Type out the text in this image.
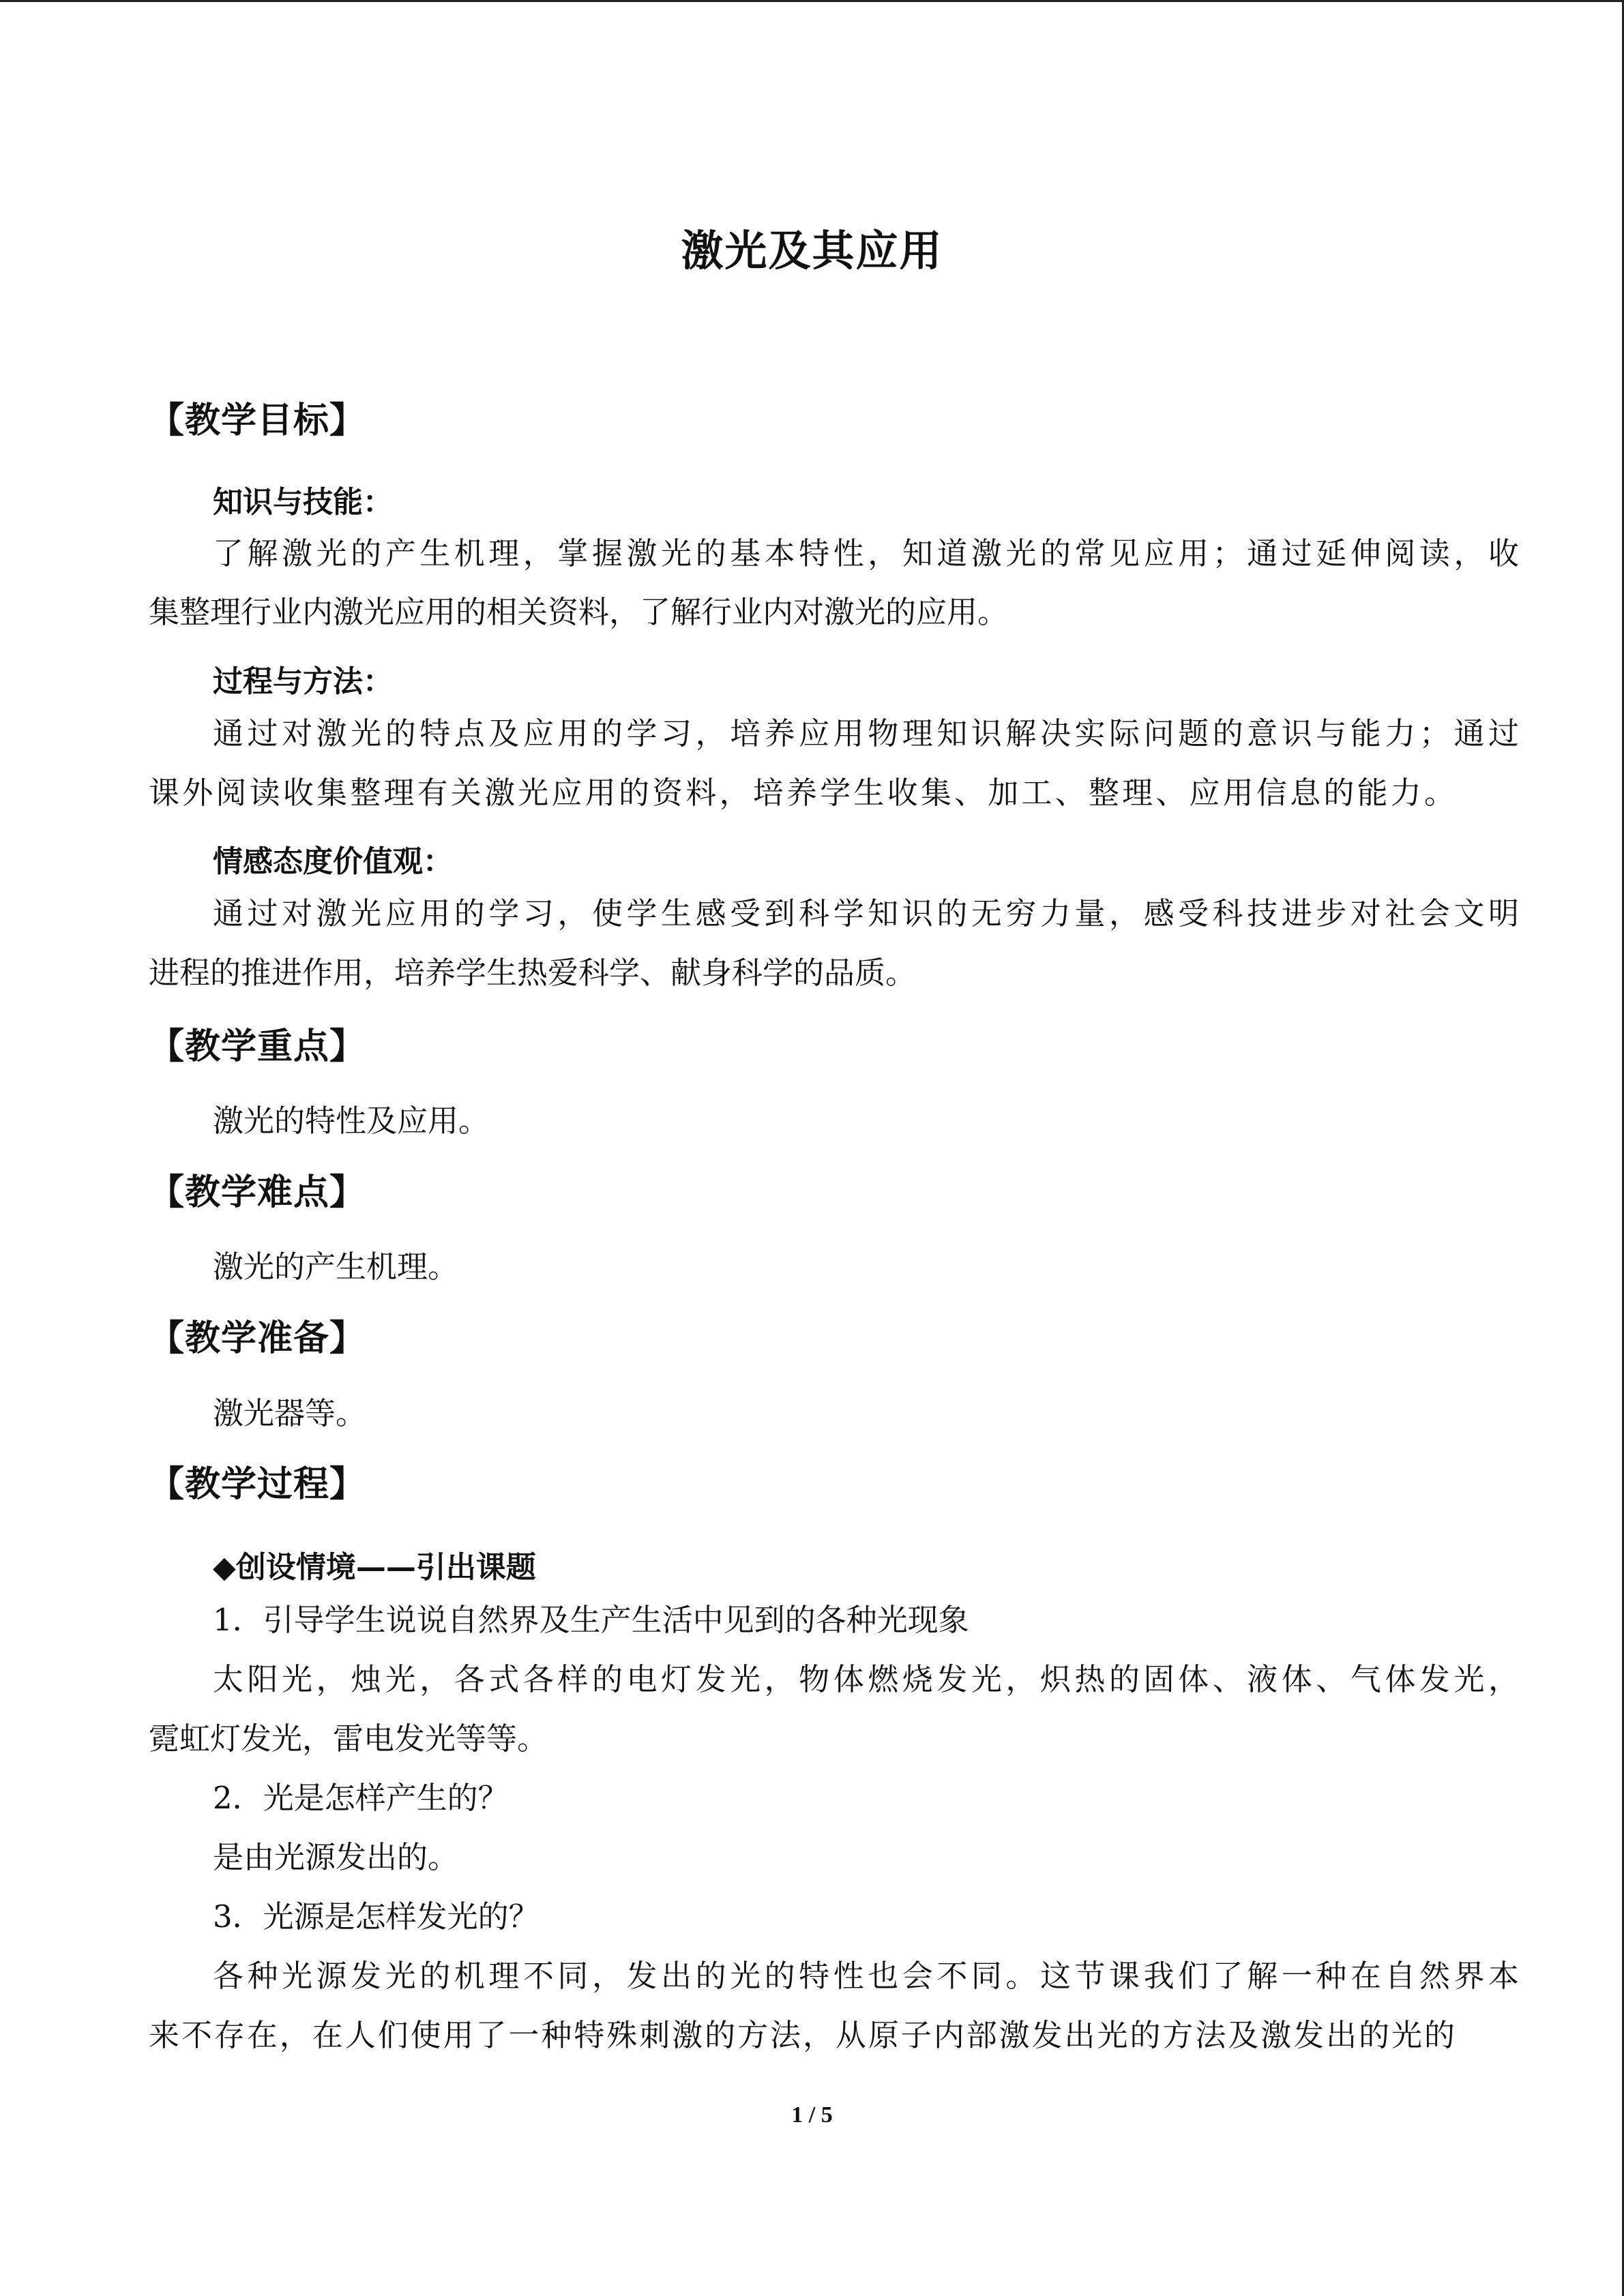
激光及其应用
【教学目标】
知识与技能：
了解激光的产生机理，掌握激光的基本特性，知道激光的常见应用；通过延伸阅读，收
集整理行业内激光应用的相关资料，了解行业内对激光的应用。
过程与方法：
通过对激光的特点及应用的学习，培养应用物理知识解决实际问题的意识与能力；通过
课外阅读收集整理有关激光应用的资料，培养学生收集、加工、整理、应用信息的能力。
情感态度价值观：
通过对激光应用的学习，使学生感受到科学知识的无穷力量，感受科技进步对社会文明
进程的推进作用，培养学生热爱科学、献身科学的品质。
【教学重点】
激光的特性及应用。
【教学难点】
激光的产生机理。
【教学准备】
激光器等。
【教学过程】
◆创设情境——引出课题
1．引导学生说说自然界及生产生活中见到的各种光现象
太阳光，烛光，各式各样的电灯发光，物体燃烧发光，炽热的固体、液体、气体发光，
霓虹灯发光，雷电发光等等。
2．光是怎样产生的？
是由光源发出的。
3．光源是怎样发光的？
各种光源发光的机理不同，发出的光的特性也会不同。这节课我们了解一种在自然界本
来不存在，在人们使用了一种特殊刺激的方法，从原子内部激发出光的方法及激发出的光的
1 / 5
